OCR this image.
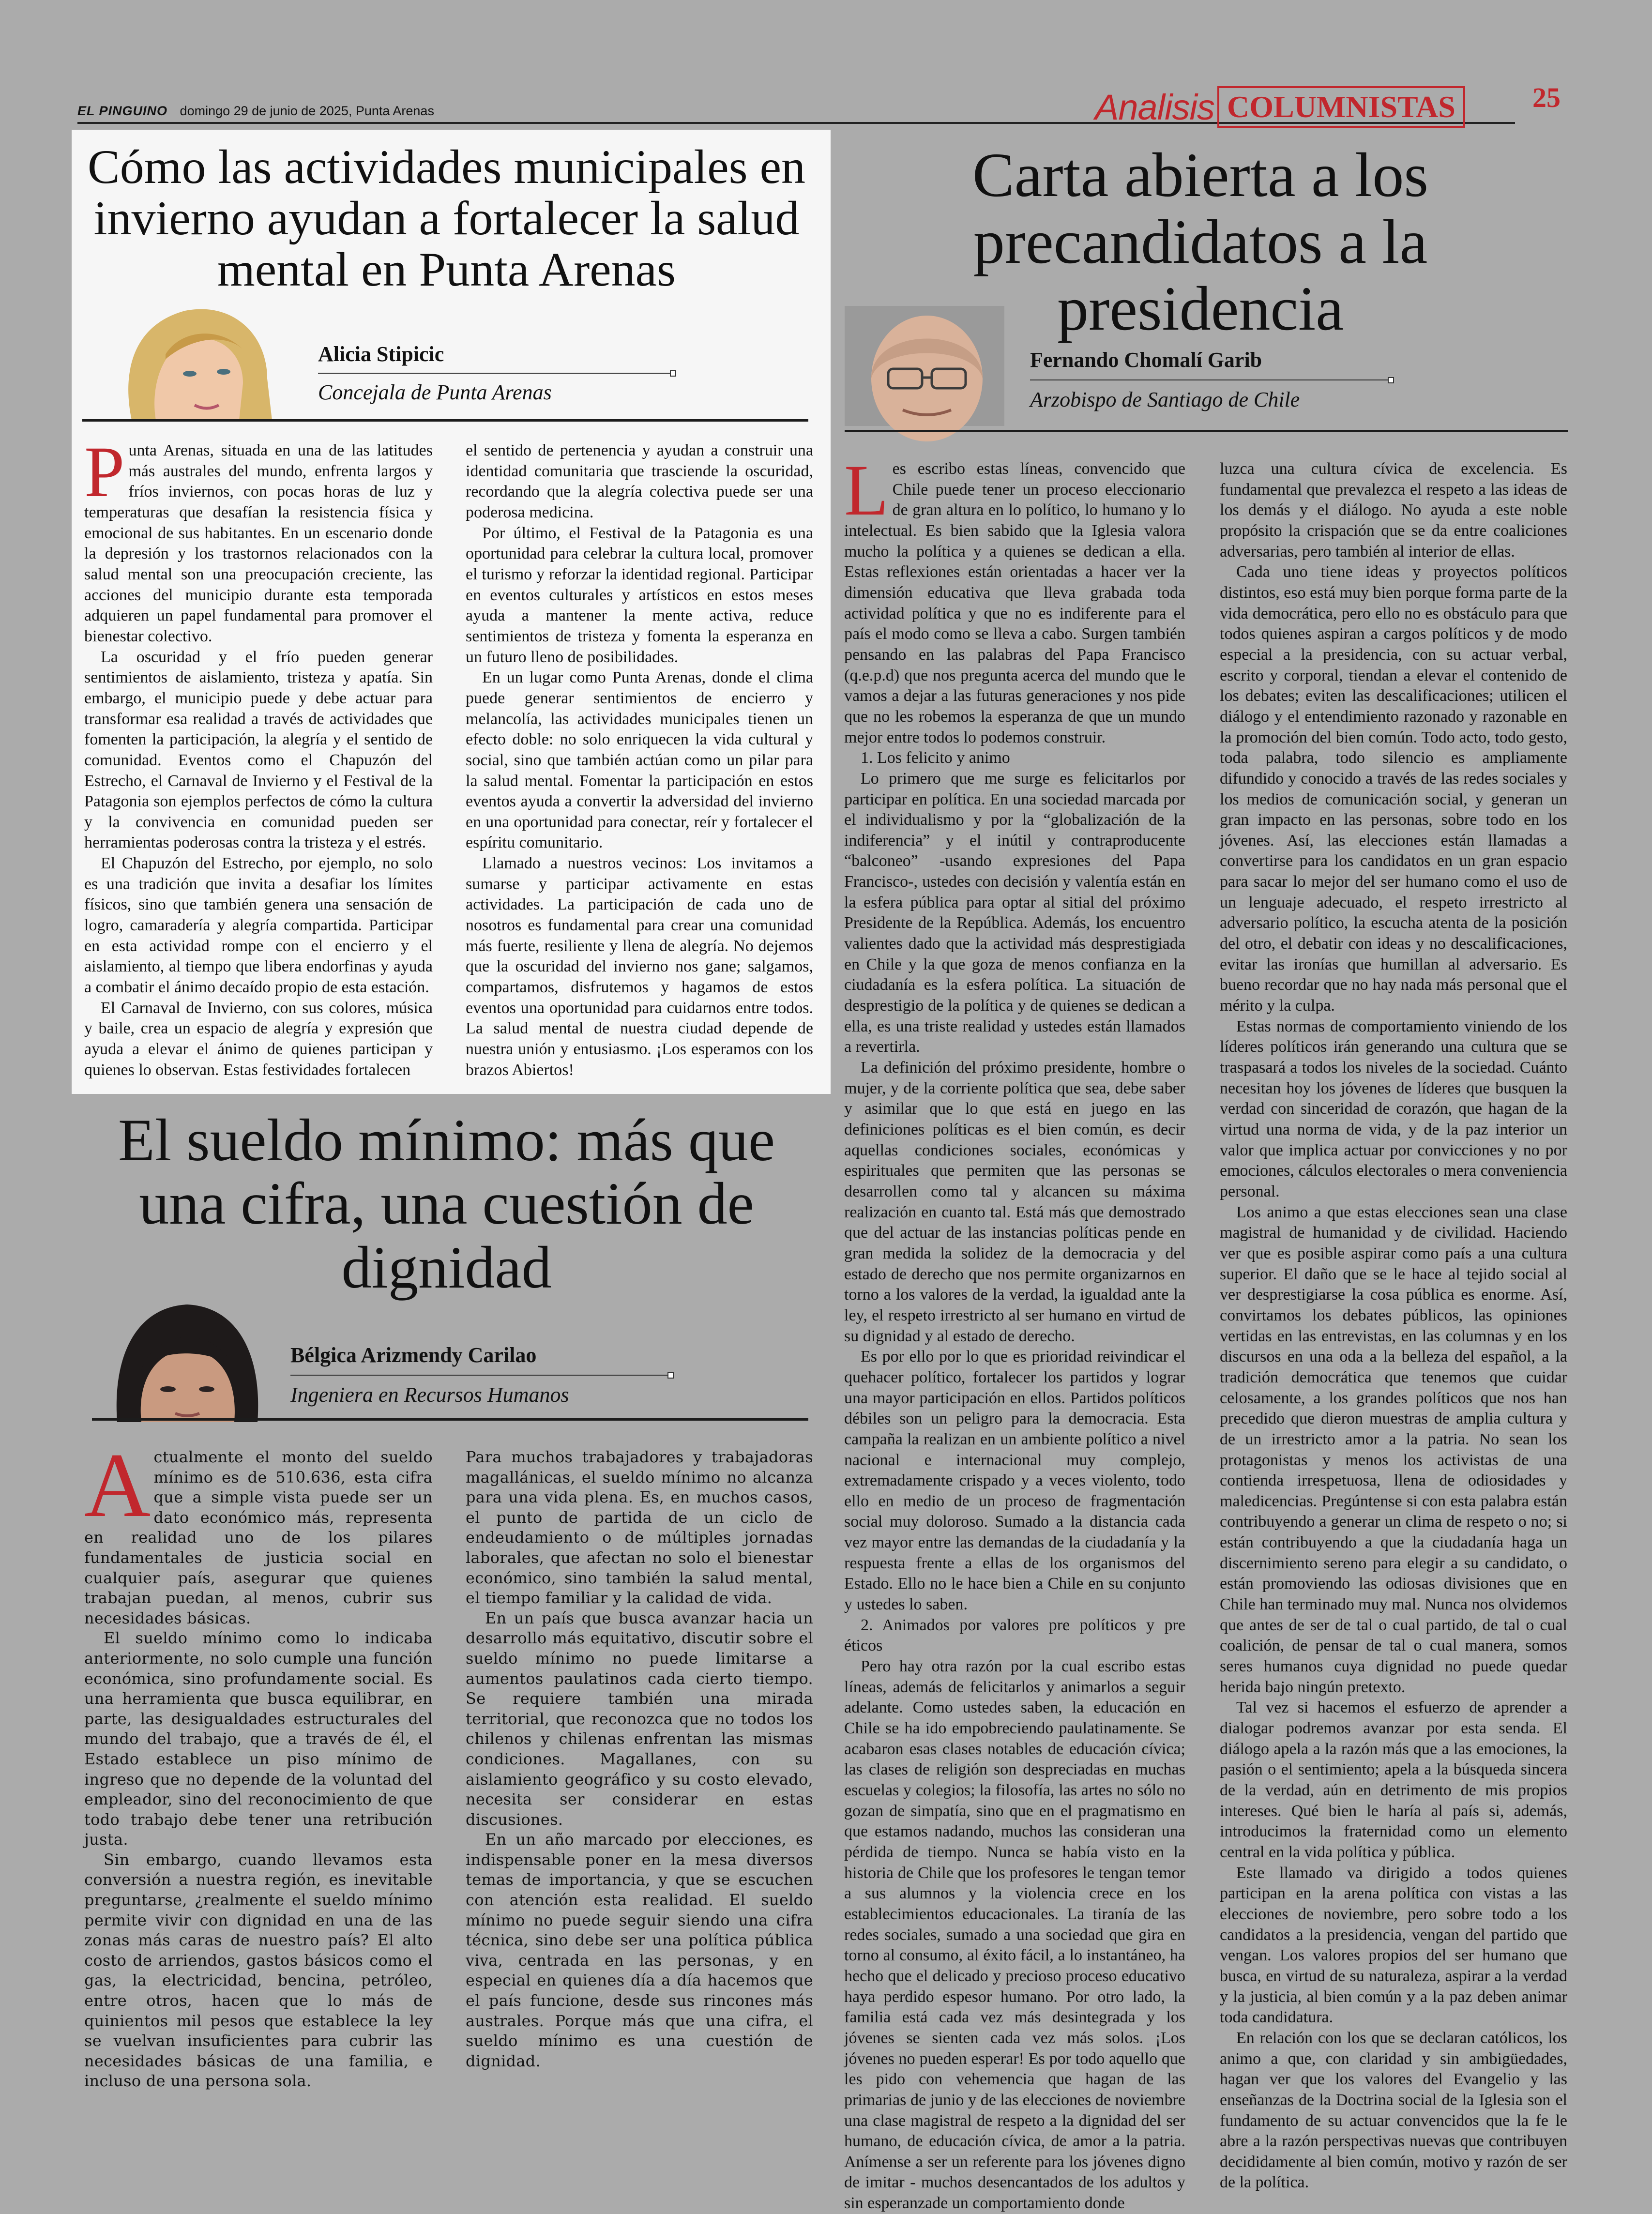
EL PINGUINO domingo 29 de junio de 2025, Punta Arenas	Analisis COLUMNISTAS	25
Cómo las actividades municipales en invierno ayudan a fortalecer la salud mental en Punta Arenas
Alicia Stipicic
Concejala de Punta Arenas

Punta Arenas, situada en una de las latitudes más australes del mundo, enfrenta largos y fríos inviernos, con pocas horas de luz y temperaturas que desafían la resistencia física y emocional de sus habitantes. En un escenario donde la depresión y los trastornos relacionados con la salud mental son una preocupación creciente, las acciones del municipio durante esta temporada adquieren un papel fundamental para promover el bienestar colectivo.

La oscuridad y el frío pueden generar sentimientos de aislamiento, tristeza y apatía. Sin embargo, el municipio puede y debe actuar para transformar esa realidad a través de actividades que fomenten la participación, la alegría y el sentido de comunidad. Eventos como el Chapuzón del Estrecho, el Carnaval de Invierno y el Festival de la Patagonia son ejemplos perfectos de cómo la cultura y la convivencia en comunidad pueden ser herramientas poderosas contra la tristeza y el estrés.

El Chapuzón del Estrecho, por ejemplo, no solo es una tradición que invita a desafiar los límites físicos, sino que también genera una sensación de logro, camaradería y alegría compartida. Participar en esta actividad rompe con el encierro y el aislamiento, al tiempo que libera endorfinas y ayuda a combatir el ánimo decaído propio de esta estación.

El Carnaval de Invierno, con sus colores, música y baile, crea un espacio de alegría y expresión que ayuda a elevar el ánimo de quienes participan y quienes lo observan. Estas festividades fortalecen

el sentido de pertenencia y ayudan a construir una identidad comunitaria que trasciende la oscuridad, recordando que la alegría colectiva puede ser una poderosa medicina.

Por último, el Festival de la Patagonia es una oportunidad para celebrar la cultura local, promover el turismo y reforzar la identidad regional. Participar en eventos culturales y artísticos en estos meses ayuda a mantener la mente activa, reduce sentimientos de tristeza y fomenta la esperanza en un futuro lleno de posibilidades.

En un lugar como Punta Arenas, donde el clima puede generar sentimientos de encierro y melancolía, las actividades municipales tienen un efecto doble: no solo enriquecen la vida cultural y social, sino que también actúan como un pilar para la salud mental. Fomentar la participación en estos eventos ayuda a convertir la adversidad del invierno en una oportunidad para conectar, reír y fortalecer el espíritu comunitario.

Llamado a nuestros vecinos: Los invitamos a sumarse y participar activamente en estas actividades. La participación de cada uno de nosotros es fundamental para crear una comunidad más fuerte, resiliente y llena de alegría. No dejemos que la oscuridad del invierno nos gane; salgamos, compartamos, disfrutemos y hagamos de estos eventos una oportunidad para cuidarnos entre todos. La salud mental de nuestra ciudad depende de nuestra unión y entusiasmo. ¡Los esperamos con los brazos Abiertos!

Carta abierta a los precandidatos a la presidencia
Fernando Chomalí Garib
Arzobispo de Santiago de Chile

Les escribo estas líneas, convencido que Chile puede tener un proceso eleccionario de gran altura en lo político, lo humano y lo intelectual. Es bien sabido que la Iglesia valora mucho la política y a quienes se dedican a ella. Estas reflexiones están orientadas a hacer ver la dimensión educativa que lleva grabada toda actividad política y que no es indiferente para el país el modo como se lleva a cabo. Surgen también pensando en las palabras del Papa Francisco (q.e.p.d) que nos pregunta acerca del mundo que le vamos a dejar a las futuras generaciones y nos pide que no les robemos la esperanza de que un mundo mejor entre todos lo podemos construir.

1. Los felicito y animo

Lo primero que me surge es felicitarlos por participar en política. En una sociedad marcada por el individualismo y por la “globalización de la indiferencia” y el inútil y contraproducente “balconeo” -usando expresiones del Papa Francisco-, ustedes con decisión y valentía están en la esfera pública para optar al sitial del próximo Presidente de la República. Además, los encuentro valientes dado que la actividad más desprestigiada en Chile y la que goza de menos confianza en la ciudadanía es la esfera política. La situación de desprestigio de la política y de quienes se dedican a ella, es una triste realidad y ustedes están llamados a revertirla.

La definición del próximo presidente, hombre o mujer, y de la corriente política que sea, debe saber y asimilar que lo que está en juego en las definiciones políticas es el bien común, es decir aquellas condiciones sociales, económicas y espirituales que permiten que las personas se desarrollen como tal y alcancen su máxima realización en cuanto tal. Está más que demostrado que del actuar de las instancias políticas pende en gran medida la solidez de la democracia y del estado de derecho que nos permite organizarnos en torno a los valores de la verdad, la igualdad ante la ley, el respeto irrestricto al ser humano en virtud de su dignidad y al estado de derecho.

Es por ello por lo que es prioridad reivindicar el quehacer político, fortalecer los partidos y lograr una mayor participación en ellos. Partidos políticos débiles son un peligro para la democracia. Esta campaña la realizan en un ambiente político a nivel nacional e internacional muy complejo, extremadamente crispado y a veces violento, todo ello en medio de un proceso de fragmentación social muy doloroso. Sumado a la distancia cada vez mayor entre las demandas de la ciudadanía y la respuesta frente a ellas de los organismos del Estado. Ello no le hace bien a Chile en su conjunto y ustedes lo saben.

2. Animados por valores pre políticos y pre éticos

Pero hay otra razón por la cual escribo estas líneas, además de felicitarlos y animarlos a seguir adelante. Como ustedes saben, la educación en Chile se ha ido empobreciendo paulatinamente. Se acabaron esas clases notables de educación cívica; las clases de religión son despreciadas en muchas escuelas y colegios; la filosofía, las artes no sólo no gozan de simpatía, sino que en el pragmatismo en que estamos nadando, muchos las consideran una pérdida de tiempo. Nunca se había visto en la historia de Chile que los profesores le tengan temor a sus alumnos y la violencia crece en los establecimientos educacionales. La tiranía de las redes sociales, sumado a una sociedad que gira en torno al consumo, al éxito fácil, a lo instantáneo, ha hecho que el delicado y precioso proceso educativo haya perdido espesor humano. Por otro lado, la familia está cada vez más desintegrada y los jóvenes se sienten cada vez más solos. ¡Los jóvenes no pueden esperar! Es por todo aquello que les pido con vehemencia que hagan de las primarias de junio y de las elecciones de noviembre una clase magistral de respeto a la dignidad del ser humano, de educación cívica, de amor a la patria. Anímense a ser un referente para los jóvenes digno de imitar - muchos desencantados de los adultos y sin esperanzade un comportamiento donde

luzca una cultura cívica de excelencia. Es fundamental que prevalezca el respeto a las ideas de los demás y el diálogo. No ayuda a este noble propósito la crispación que se da entre coaliciones adversarias, pero también al interior de ellas.

Cada uno tiene ideas y proyectos políticos distintos, eso está muy bien porque forma parte de la vida democrática, pero ello no es obstáculo para que todos quienes aspiran a cargos políticos y de modo especial a la presidencia, con su actuar verbal, escrito y corporal, tiendan a elevar el contenido de los debates; eviten las descalificaciones; utilicen el diálogo y el entendimiento razonado y razonable en la promoción del bien común. Todo acto, todo gesto, toda palabra, todo silencio es ampliamente difundido y conocido a través de las redes sociales y los medios de comunicación social, y generan un gran impacto en las personas, sobre todo en los jóvenes. Así, las elecciones están llamadas a convertirse para los candidatos en un gran espacio para sacar lo mejor del ser humano como el uso de un lenguaje adecuado, el respeto irrestricto al adversario político, la escucha atenta de la posición del otro, el debatir con ideas y no descalificaciones, evitar las ironías que humillan al adversario. Es bueno recordar que no hay nada más personal que el mérito y la culpa.

Estas normas de comportamiento viniendo de los líderes políticos irán generando una cultura que se traspasará a todos los niveles de la sociedad. Cuánto necesitan hoy los jóvenes de líderes que busquen la verdad con sinceridad de corazón, que hagan de la virtud una norma de vida, y de la paz interior un valor que implica actuar por convicciones y no por emociones, cálculos electorales o mera conveniencia personal.

Los animo a que estas elecciones sean una clase magistral de humanidad y de civilidad. Haciendo ver que es posible aspirar como país a una cultura superior. El daño que se le hace al tejido social al ver desprestigiarse la cosa pública es enorme. Así, convirtamos los debates públicos, las opiniones vertidas en las entrevistas, en las columnas y en los discursos en una oda a la belleza del español, a la tradición democrática que tenemos que cuidar celosamente, a los grandes políticos que nos han precedido que dieron muestras de amplia cultura y de un irrestricto amor a la patria. No sean los protagonistas y menos los activistas de una contienda irrespetuosa, llena de odiosidades y maledicencias. Pregúntense si con esta palabra están contribuyendo a generar un clima de respeto o no; si están contribuyendo a que la ciudadanía haga un discernimiento sereno para elegir a su candidato, o están promoviendo las odiosas divisiones que en Chile han terminado muy mal. Nunca nos olvidemos que antes de ser de tal o cual partido, de tal o cual coalición, de pensar de tal o cual manera, somos seres humanos cuya dignidad no puede quedar herida bajo ningún pretexto.

Tal vez si hacemos el esfuerzo de aprender a dialogar podremos avanzar por esta senda. El diálogo apela a la razón más que a las emociones, la pasión o el sentimiento; apela a la búsqueda sincera de la verdad, aún en detrimento de mis propios intereses. Qué bien le haría al país si, además, introducimos la fraternidad como un elemento central en la vida política y pública.

Este llamado va dirigido a todos quienes participan en la arena política con vistas a las elecciones de noviembre, pero sobre todo a los candidatos a la presidencia, vengan del partido que vengan. Los valores propios del ser humano que busca, en virtud de su naturaleza, aspirar a la verdad y la justicia, al bien común y a la paz deben animar toda candidatura.

En relación con los que se declaran católicos, los animo a que, con claridad y sin ambigüedades, hagan ver que los valores del Evangelio y las enseñanzas de la Doctrina social de la Iglesia son el fundamento de su actuar convencidos que la fe le abre a la razón perspectivas nuevas que contribuyen decididamente al bien común, motivo y razón de ser de la política.

El sueldo mínimo: más que una cifra, una cuestión de dignidad
Bélgica Arizmendy Carilao
Ingeniera en Recursos Humanos

Actualmente el monto del sueldo mínimo es de 510.636, esta cifra que a simple vista puede ser un dato económico más, representa en realidad uno de los pilares fundamentales de justicia social en cualquier país, asegurar que quienes trabajan puedan, al menos, cubrir sus necesidades básicas.

El sueldo mínimo como lo indicaba anteriormente, no solo cumple una función económica, sino profundamente social. Es una herramienta que busca equilibrar, en parte, las desigualdades estructurales del mundo del trabajo, que a través de él, el Estado establece un piso mínimo de ingreso que no depende de la voluntad del empleador, sino del reconocimiento de que todo trabajo debe tener una retribución justa.

Sin embargo, cuando llevamos esta conversión a nuestra región, es inevitable preguntarse, ¿realmente el sueldo mínimo permite vivir con dignidad en una de las zonas más caras de nuestro país? El alto costo de arriendos, gastos básicos como el gas, la electricidad, bencina, petróleo, entre otros, hacen que lo más de quinientos mil pesos que establece la ley se vuelvan insuficientes para cubrir las necesidades básicas de una familia, e incluso de una persona sola.

Para muchos trabajadores y trabajadoras magallánicas, el sueldo mínimo no alcanza para una vida plena. Es, en muchos casos, el punto de partida de un ciclo de endeudamiento o de múltiples jornadas laborales, que afectan no solo el bienestar económico, sino también la salud mental, el tiempo familiar y la calidad de vida.

En un país que busca avanzar hacia un desarrollo más equitativo, discutir sobre el sueldo mínimo no puede limitarse a aumentos paulatinos cada cierto tiempo. Se requiere también una mirada territorial, que reconozca que no todos los chilenos y chilenas enfrentan las mismas condiciones. Magallanes, con su aislamiento geográfico y su costo elevado, necesita ser considerar en estas discusiones.

En un año marcado por elecciones, es indispensable poner en la mesa diversos temas de importancia, y que se escuchen con atención esta realidad. El sueldo mínimo no puede seguir siendo una cifra técnica, sino debe ser una política pública viva, centrada en las personas, y en especial en quienes día a día hacemos que el país funcione, desde sus rincones más australes. Porque más que una cifra, el sueldo mínimo es una cuestión de dignidad.
